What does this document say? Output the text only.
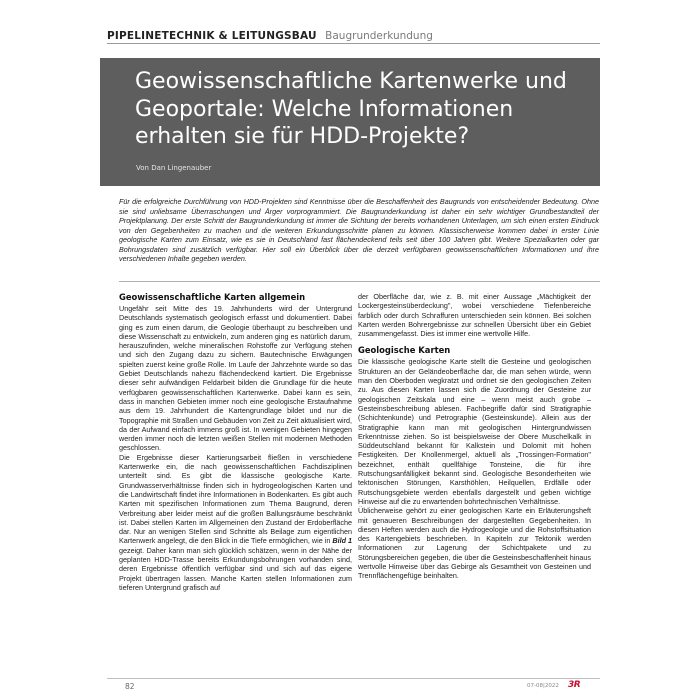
PIPELINETECHNIK & LEITUNGSBAU Baugrunderkundung
Geowissenschaftliche Kartenwerke und Geoportale: Welche Informationen erhalten sie für HDD-Projekte?
Von Dan Lingenauber

Für die erfolgreiche Durchführung von HDD-Projekten sind Kenntnisse über die Beschaffenheit des Baugrunds von entscheidender Bedeutung. Ohne sie sind unliebsame Überraschungen und Ärger vorprogrammiert. Die Baugrunderkundung ist daher ein sehr wichtiger Grundbestandteil der Projektplanung. Der erste Schritt der Baugrunderkundung ist immer die Sichtung der bereits vorhandenen Unterlagen, um sich einen ersten Eindruck von den Gegebenheiten zu machen und die weiteren Erkundungsschritte planen zu können. Klassischerweise kommen dabei in erster Linie geologische Karten zum Einsatz, wie es sie in Deutschland fast flächendeckend teils seit über 100 Jahren gibt. Weitere Spezialkarten oder gar Bohrungsdaten sind zusätzlich verfügbar. Hier soll ein Überblick über die derzeit verfügbaren geowissenschaftlichen Informationen und ihre verschiedenen Inhalte gegeben werden.

Geowissenschaftliche Karten allgemein

Ungefähr seit Mitte des 19. Jahrhunderts wird der Untergrund Deutschlands systematisch geologisch erfasst und dokumentiert. Dabei ging es zum einen darum, die Geologie überhaupt zu beschreiben und diese Wissenschaft zu entwickeln, zum anderen ging es natürlich darum, herauszufinden, welche mineralischen Rohstoffe zur Verfügung stehen und sich den Zugang dazu zu sichern. Bautechnische Erwägungen spielten zuerst keine große Rolle. Im Laufe der Jahrzehnte wurde so das Gebiet Deutschlands nahezu flächendeckend kartiert. Die Ergebnisse dieser sehr aufwändigen Feldarbeit bilden die Grundlage für die heute verfügbaren geowissenschaftlichen Kartenwerke. Dabei kann es sein, dass in manchen Gebieten immer noch eine geologische Erstaufnahme aus dem 19. Jahrhundert die Kartengrundlage bildet und nur die Topographie mit Straßen und Gebäuden von Zeit zu Zeit aktualisiert wird, da der Aufwand einfach immens groß ist. In wenigen Gebieten hingegen werden immer noch die letzten weißen Stellen mit modernen Methoden geschlossen.

Die Ergebnisse dieser Kartierungsarbeit fließen in verschiedene Kartenwerke ein, die nach geowissenschaftlichen Fachdisziplinen unterteilt sind. Es gibt die klassische geologische Karte. Grundwasserverhältnisse finden sich in hydrogeologischen Karten und die Landwirtschaft findet ihre Informationen in Bodenkarten. Es gibt auch Karten mit spezifischen Informationen zum Thema Baugrund, deren Verbreitung aber leider meist auf die großen Ballungsräume beschränkt ist. Dabei stellen Karten im Allgemeinen den Zustand der Erdoberfläche dar. Nur an wenigen Stellen sind Schnitte als Beilage zum eigentlichen Kartenwerk angelegt, die den Blick in die Tiefe ermöglichen, wie in Bild 1 gezeigt. Daher kann man sich glücklich schätzen, wenn in der Nähe der geplanten HDD-Trasse bereits Erkundungsbohrungen vorhanden sind, deren Ergebnisse öffentlich verfügbar sind und sich auf das eigene Projekt übertragen lassen. Manche Karten stellen Informationen zum tieferen Untergrund grafisch auf

der Oberfläche dar, wie z. B. mit einer Aussage „Mächtigkeit der Lockergesteinsüberdeckung", wobei verschiedene Tiefenbereiche farblich oder durch Schraffuren unterschieden sein können. Bei solchen Karten werden Bohrergebnisse zur schnellen Übersicht über ein Gebiet zusammengefasst. Dies ist immer eine wertvolle Hilfe.

Geologische Karten

Die klassische geologische Karte stellt die Gesteine und geologischen Strukturen an der Geländeoberfläche dar, die man sehen würde, wenn man den Oberboden wegkratzt und ordnet sie den geologischen Zeiten zu. Aus diesen Karten lassen sich die Zuordnung der Gesteine zur geologischen Zeitskala und eine – wenn meist auch grobe – Gesteinsbeschreibung ablesen. Fachbegriffe dafür sind Stratigraphie (Schichtenkunde) und Petrographie (Gesteinskunde). Allein aus der Stratigraphie kann man mit geologischen Hintergrundwissen Erkenntnisse ziehen. So ist beispielsweise der Obere Muschelkalk in Süddeutschland bekannt für Kalkstein und Dolomit mit hohen Festigkeiten. Der Knollenmergel, aktuell als „Trossingen-Formation" bezeichnet, enthält quellfähige Tonsteine, die für ihre Rutschungsanfälligkeit bekannt sind. Geologische Besonderheiten wie tektonischen Störungen, Karsthöhlen, Heilquellen, Erdfälle oder Rutschungsgebiete werden ebenfalls dargestellt und geben wichtige Hinweise auf die zu erwartenden bohrtechnischen Verhältnisse.

Üblicherweise gehört zu einer geologischen Karte ein Erläuterungsheft mit genaueren Beschreibungen der dargestellten Gegebenheiten. In diesen Heften werden auch die Hydrogeologie und die Rohstoffsituation des Kartengebiets beschrieben. In Kapiteln zur Tektonik werden Informationen zur Lagerung der Schichtpakete und zu Störungsbereichen gegeben, die über die Gesteinsbeschaffenheit hinaus wertvolle Hinweise über das Gebirge als Gesamtheit von Gesteinen und Trennflächengefüge beinhalten.

82	07-08|2022 3R
